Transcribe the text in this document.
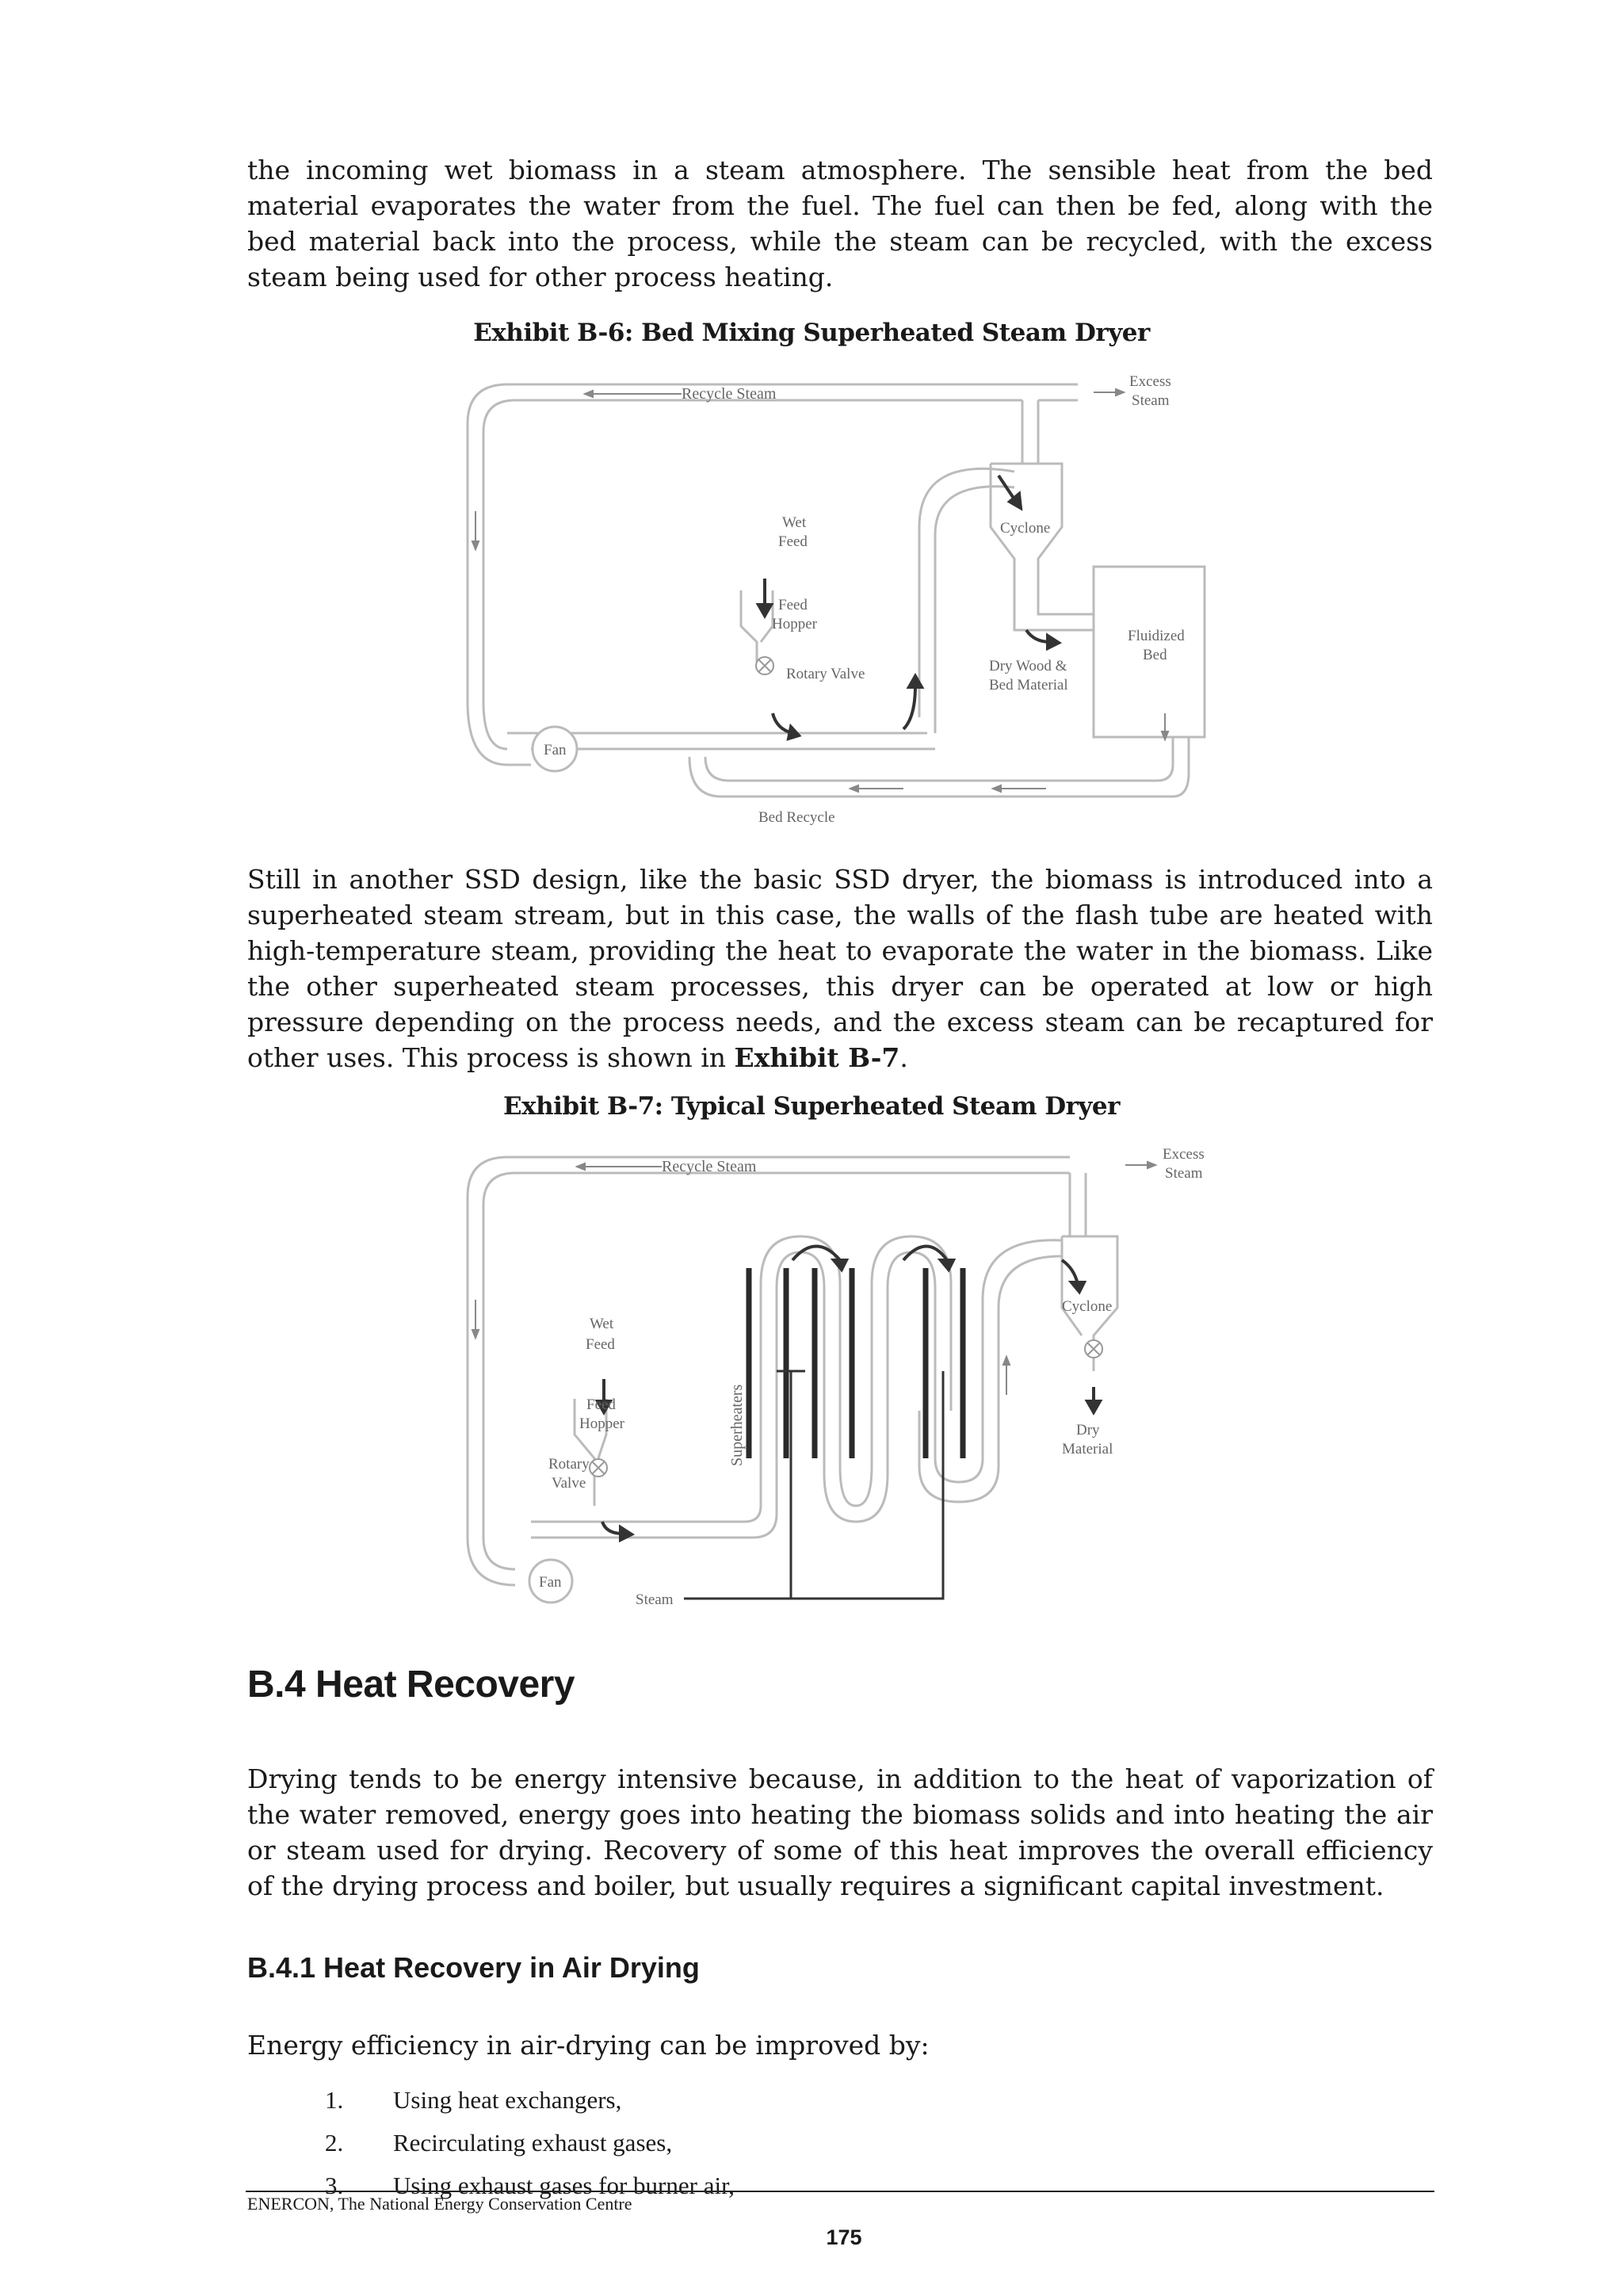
the incoming wet biomass in a steam atmosphere. The sensible heat from the bed material evaporates the water from the fuel. The fuel can then be fed, along with the bed material back into the process, while the steam can be recycled, with the excess steam being used for other process heating.

Exhibit B-6: Bed Mixing Superheated Steam Dryer

Recycle Steam
Excess
Steam
Wet
Feed
Feed
Hopper
Cyclone
Fluidized
Bed
Dry Wood &
Bed Material
Rotary Valve
Fan
Bed Recycle

Still in another SSD design, like the basic SSD dryer, the biomass is introduced into a superheated steam stream, but in this case, the walls of the flash tube are heated with high-temperature steam, providing the heat to evaporate the water in the biomass. Like the other superheated steam processes, this dryer can be operated at low or high pressure depending on the process needs, and the excess steam can be recaptured for other uses. This process is shown in Exhibit B-7.

Exhibit B-7: Typical Superheated Steam Dryer

Recycle Steam
Excess
Steam
Wet
Feed
Feed
Hopper
Rotary
Valve
Superheaters
Cyclone
Dry
Material
Fan
Steam
B.4 Heat Recovery

Drying tends to be energy intensive because, in addition to the heat of vaporization of the water removed, energy goes into heating the biomass solids and into heating the air or steam used for drying. Recovery of some of this heat improves the overall efficiency of the drying process and boiler, but usually requires a significant capital investment.

B.4.1 Heat Recovery in Air Drying

Energy efficiency in air-drying can be improved by:

1.	Using heat exchangers,
2.	Recirculating exhaust gases,
3.	Using exhaust gases for burner air,
ENERCON, The National Energy Conservation Centre
175
